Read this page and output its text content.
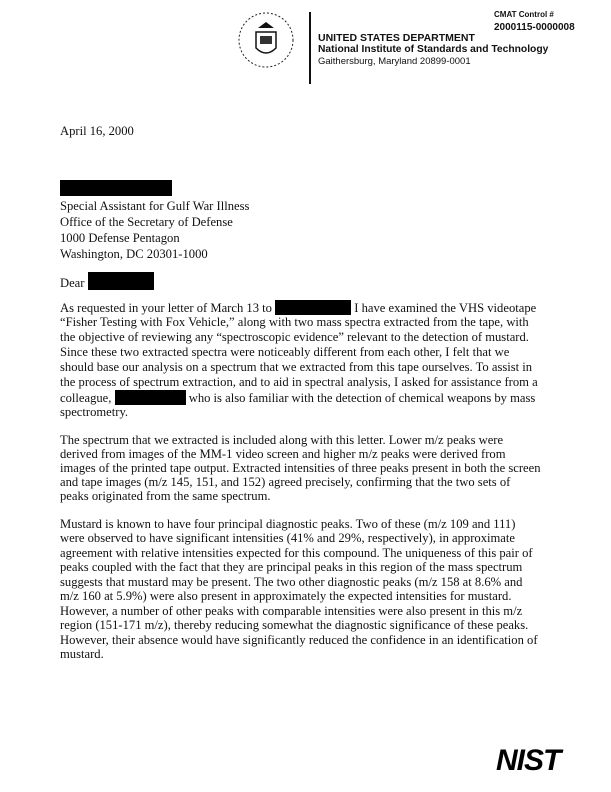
CMAT Control #
2000115-0000008
UNITED STATES DEPARTMENT
National Institute of Standards and Technology
Gaithersburg, Maryland 20899-0001
April 16, 2000
Special Assistant for Gulf War Illness
Office of the Secretary of Defense
1000 Defense Pentagon
Washington, DC 20301-1000
Dear
As requested in your letter of March 13 to	I have examined the VHS videotape
“Fisher Testing with Fox Vehicle,” along with two mass spectra extracted from the tape, with
the objective of reviewing any “spectroscopic evidence” relevant to the detection of mustard.
Since these two extracted spectra were noticeably different from each other, I felt that we
should base our analysis on a spectrum that we extracted from this tape ourselves. To assist in
the process of spectrum extraction, and to aid in spectral analysis, I asked for assistance from a
colleague,	who is also familiar with the detection of chemical weapons by mass
spectrometry.
The spectrum that we extracted is included along with this letter. Lower m/z peaks were
derived from images of the MM-1 video screen and higher m/z peaks were derived from
images of the printed tape output. Extracted intensities of three peaks present in both the screen
and tape images (m/z 145, 151, and 152) agreed precisely, confirming that the two sets of
peaks originated from the same spectrum.
Mustard is known to have four principal diagnostic peaks. Two of these (m/z 109 and 111)
were observed to have significant intensities (41% and 29%, respectively), in approximate
agreement with relative intensities expected for this compound. The uniqueness of this pair of
peaks coupled with the fact that they are principal peaks in this region of the mass spectrum
suggests that mustard may be present. The two other diagnostic peaks (m/z 158 at 8.6% and
m/z 160 at 5.9%) were also present in approximately the expected intensities for mustard.
However, a number of other peaks with comparable intensities were also present in this m/z
region (151-171 m/z), thereby reducing somewhat the diagnostic significance of these peaks.
However, their absence would have significantly reduced the confidence in an identification of
mustard.
NIST
